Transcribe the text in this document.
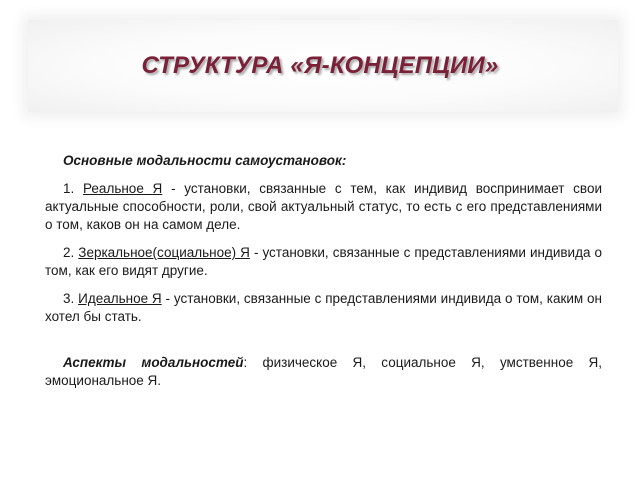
СТРУКТУРА «Я-КОНЦЕПЦИИ»

Основные модальности самоустановок:

1. Реальное Я - установки, связанные с тем, как индивид воспринимает свои актуальные способности, роли, свой актуальный статус, то есть с его представлениями о том, каков он на самом деле.

2. Зеркальное(социальное) Я - установки, связанные с представлениями индивида о том, как его видят другие.

3. Идеальное Я - установки, связанные с представлениями индивида о том, каким он хотел бы стать.

Аспекты модальностей: физическое Я, социальное Я, умственное Я, эмоциональное Я.
